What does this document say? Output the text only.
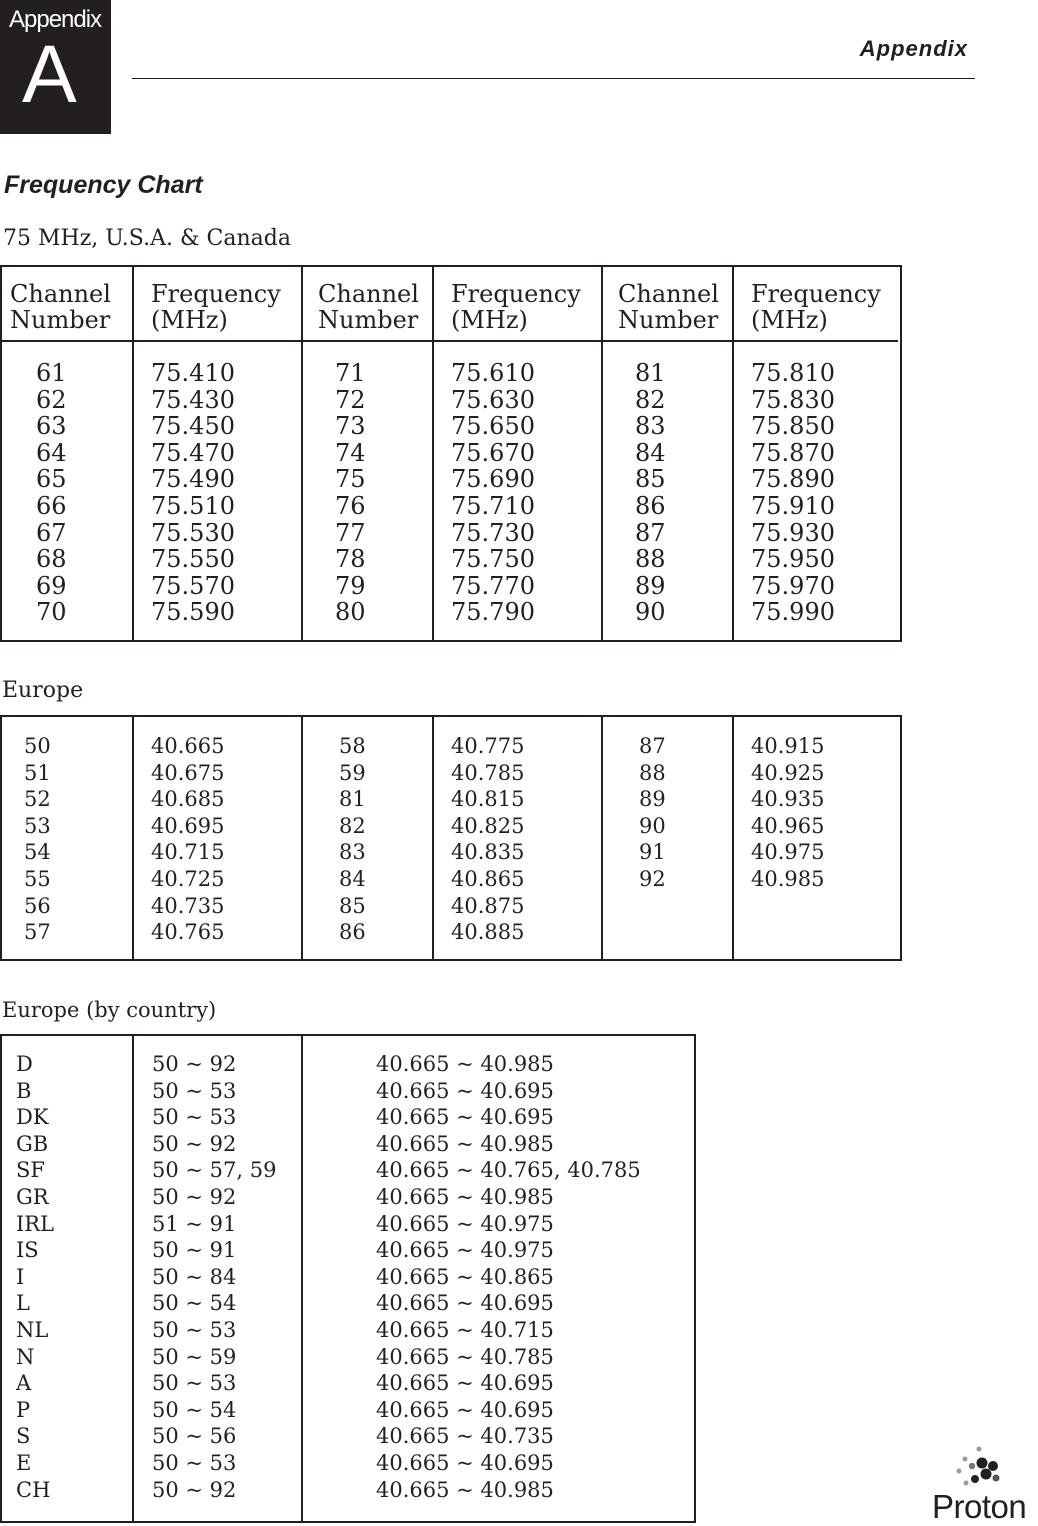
Appendix
A	Appendix
Frequency Chart
75 MHz, U.S.A. & Canada
Channel
Number
Frequency
(MHz)
Channel
Number
Frequency
(MHz)
Channel
Number
Frequency
(MHz)
61
62
63
64
65
66
67
68
69
70
75.410
75.430
75.450
75.470
75.490
75.510
75.530
75.550
75.570
75.590
71
72
73
74
75
76
77
78
79
80
75.610
75.630
75.650
75.670
75.690
75.710
75.730
75.750
75.770
75.790
81
82
83
84
85
86
87
88
89
90
75.810
75.830
75.850
75.870
75.890
75.910
75.930
75.950
75.970
75.990
Europe
50
51
52
53
54
55
56
57
40.665
40.675
40.685
40.695
40.715
40.725
40.735
40.765
58
59
81
82
83
84
85
86
40.775
40.785
40.815
40.825
40.835
40.865
40.875
40.885
87
88
89
90
91
92
40.915
40.925
40.935
40.965
40.975
40.985
Europe (by country)
D
B
DK
GB
SF
GR
IRL
IS
I
L
NL
N
A
P
S
E
CH
50 ~ 92
50 ~ 53
50 ~ 53
50 ~ 92
50 ~ 57, 59
50 ~ 92
51 ~ 91
50 ~ 91
50 ~ 84
50 ~ 54
50 ~ 53
50 ~ 59
50 ~ 53
50 ~ 54
50 ~ 56
50 ~ 53
50 ~ 92
40.665 ~ 40.985
40.665 ~ 40.695
40.665 ~ 40.695
40.665 ~ 40.985
40.665 ~ 40.765, 40.785
40.665 ~ 40.985
40.665 ~ 40.975
40.665 ~ 40.975
40.665 ~ 40.865
40.665 ~ 40.695
40.665 ~ 40.715
40.665 ~ 40.785
40.665 ~ 40.695
40.665 ~ 40.695
40.665 ~ 40.735
40.665 ~ 40.695
40.665 ~ 40.985	Proton
